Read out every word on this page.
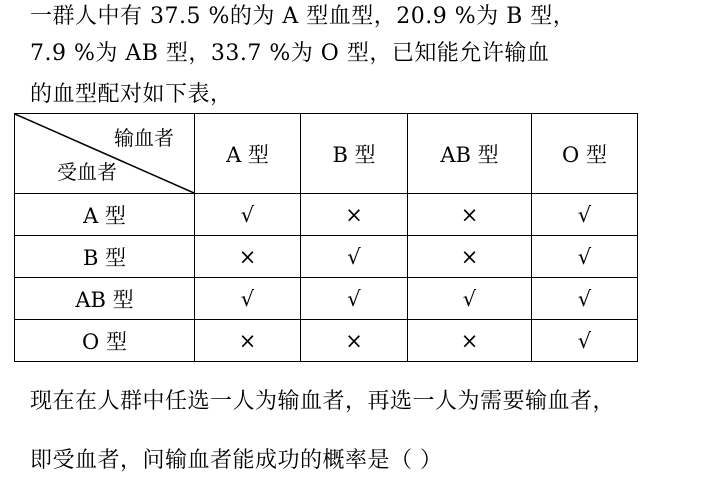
一群人中有 37.5 %的为 A 型血型，20.9 %为 B 型，
7.9 %为 AB 型，33.7 %为 O 型，已知能允许输血
的血型配对如下表，
输血者
受血者	A 型	B 型	AB 型	O 型
A 型	√	×	×	√
B 型	×	√	×	√
AB 型	√	√	√	√
O 型	×	×	×	√
现在在人群中任选一人为输血者，再选一人为需要输血者，
即受血者，问输血者能成功的概率是（ ）
